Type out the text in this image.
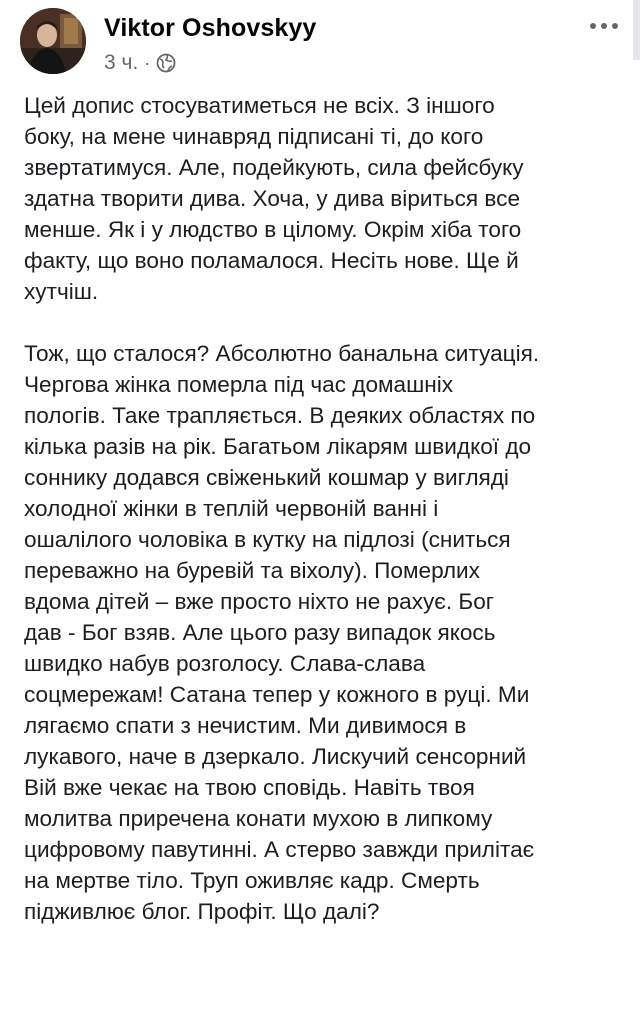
Viktor Oshovskyy
3 ч. ·

Цей допис стосуватиметься не всіх. З іншого
боку, на мене чинавряд підписані ті, до кого
звертатимуся. Але, подейкують, сила фейсбуку
здатна творити дива. Хоча, у дива віриться все
менше. Як і у людство в цілому. Окрім хіба того
факту, що воно поламалося. Несіть нове. Ще й
хутчіш.

Тож, що сталося? Абсолютно банальна ситуація.
Чергова жінка померла під час домашніх
пологів. Таке трапляється. В деяких областях по
кілька разів на рік. Багатьом лікарям швидкої до
соннику додався свіженький кошмар у вигляді
холодної жінки в теплій червоній ванні і
ошалілого чоловіка в кутку на підлозі (сниться
переважно на буревій та віхолу). Померлих
вдома дітей – вже просто ніхто не рахує. Бог
дав - Бог взяв. Але цього разу випадок якось
швидко набув розголосу. Слава-слава
соцмережам! Сатана тепер у кожного в руці. Ми
лягаємо спати з нечистим. Ми дивимося в
лукавого, наче в дзеркало. Лискучий сенсорний
Вій вже чекає на твою сповідь. Навіть твоя
молитва приречена конати мухою в липкому
цифровому павутинні. А стерво завжди прилітає
на мертве тіло. Труп оживляє кадр. Смерть
підживлює блог. Профіт. Що далі?
